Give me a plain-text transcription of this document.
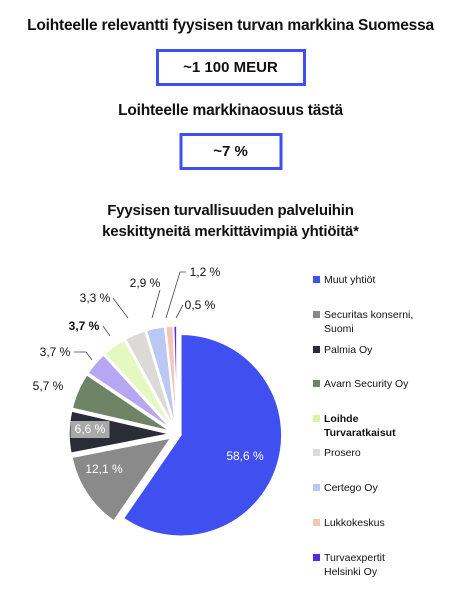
Loihteelle relevantti fyysisen turvan markkina Suomessa
~1 100 MEUR
Loihteelle markkinaosuus tästä
~7 %
Fyysisen turvallisuuden palveluihin
keskittyneitä merkittävimpiä yhtiöitä*
58,6 %
12,1 %
6,6 %
5,7 %
3,7 %
3,3 %
2,9 %
1,2 %
0,5 %
3,7 %
Muut yhtiöt
Securitas konserni,
Suomi
Palmia Oy
Avarn Security Oy
Loihde
Turvaratkaisut
Prosero
Certego Oy
Lukkokeskus
Turvaexpertit
Helsinki Oy
